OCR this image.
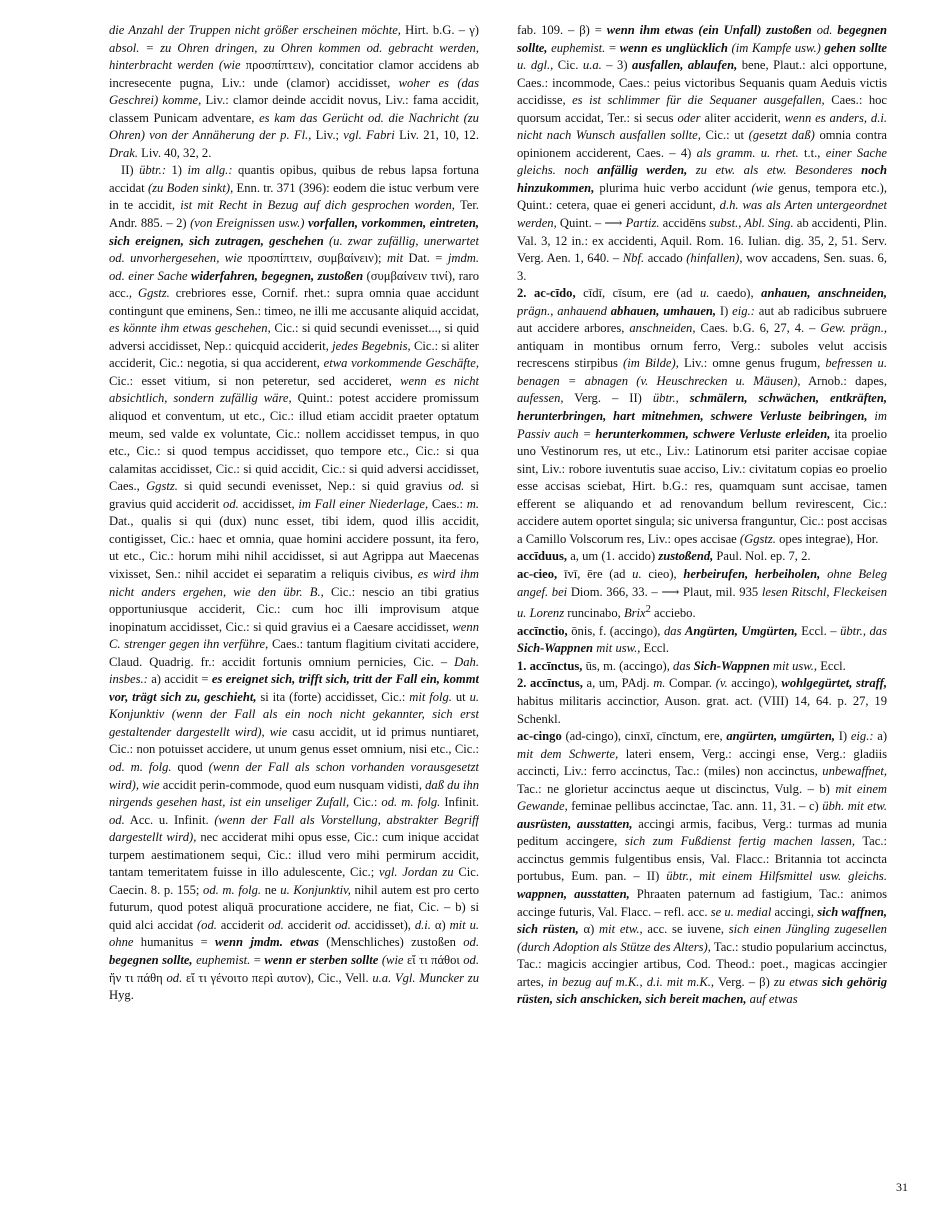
die Anzahl der Truppen nicht größer erscheinen möchte, Hirt. b.G. – γ) absol. = zu Ohren dringen, zu Ohren kommen od. gebracht werden, hinterbracht werden (wie προσπίπτειν), concitatior clamor accidens ab incresecente pugna, Liv.: unde (clamor) accidisset, woher es (das Geschrei) komme, Liv.: clamor deinde accidit novus, Liv.: fama accidit, classem Punicam adventare, es kam das Gerücht od. die Nachricht (zu Ohren) von der Annäherung der p. Fl., Liv.; vgl. Fabri Liv. 21, 10, 12. Drak. Liv. 40, 32, 2.

II) übtr.: 1) im allg.: quantis opibus, quibus de rebus lapsa fortuna accidat (zu Boden sinkt), Enn. tr. 371 (396): eodem die istuc verbum vere in te accidit, ist mit Recht in Bezug auf dich gesprochen worden, Ter. Andr. 885. – 2) (von Ereignissen usw.) vorfallen, vorkommen, eintreten, sich ereignen, sich zutragen, geschehen (u. zwar zufällig, unerwartet od. unvorhergesehen, wie προσπίπτειν, συμβαίνειν); mit Dat. = jmdm. od. einer Sache widerfahren, begegnen, zustoßen (συμβαίνειν τινί), raro acc., Ggstz. crebriores esse, Cornif. rhet.: supra omnia quae accidunt contingunt que eminens, Sen.: timeo, ne illi me accusante aliquid accidat, es könnte ihm etwas geschehen, Cic.: si quid secundi evenisset..., si quid adversi accidisset, Nep.: quicquid acciderit, jedes Begebnis, Cic.: si aliter acciderit, Cic.: negotia, si qua acciderent, etwa vorkommende Geschäfte, Cic.: esset vitium, si non peteretur, sed accideret, wenn es nicht absichtlich, sondern zufällig wäre, Quint.: potest accidere promissum aliquod et conventum, ut etc., Cic.: illud etiam accidit praeter optatum meum, sed valde ex voluntate, Cic.: nollem accidisset tempus, in quo etc., Cic.: si quod tempus accidisset, quo tempore etc., Cic.: si qua calamitas accidisset, Cic.: si quid accidit, Cic.: si quid adversi accidisset, Caes., Ggstz. si quid secundi evenisset, Nep.: si quid gravius od. si gravius quid acciderit od. accidisset, im Fall einer Niederlage, Caes.: m. Dat., qualis si qui (dux) nunc esset, tibi idem, quod illis accidit, contigisset, Cic.: haec et omnia, quae homini accidere possunt, ita fero, ut etc., Cic.: horum mihi nihil accidisset, si aut Agrippa aut Maecenas vixisset, Sen.: nihil accidet ei separatim a reliquis civibus, es wird ihm nicht anders ergehen, wie den übr. B., Cic.: nescio an tibi gratius opportuniusque acciderit, Cic.: cum hoc illi improvisum atque inopinatum accidisset, Cic.: si quid gravius ei a Caesare accidisset, wenn C. strenger gegen ihn verführe, Caes.: tantum flagitium civitati accidere, Claud. Quadrig. fr.: accidit fortunis omnium pernicies, Cic. – Dah. insbes.: a) accidit = es ereignet sich, trifft sich, tritt der Fall ein, kommt vor, trägt sich zu, geschieht, si ita (forte) accidisset, Cic.: mit folg. ut u. Konjunktiv (wenn der Fall als ein noch nicht gekannter, sich erst gestaltender dargestellt wird), wie casu accidit, ut id primus nuntiaret, Cic.: non potuisset accidere, ut unum genus esset omnium, nisi etc., Cic.: od. m. folg. quod (wenn der Fall als schon vorhanden vorausgesetzt wird), wie accidit perin-commode, quod eum nusquam vidisti, daß du ihn nirgends gesehen hast, ist ein unseliger Zufall, Cic.: od. m. folg. Infinit. od. Acc. u. Infinit. (wenn der Fall als Vorstellung, abstrakter Begriff dargestellt wird), nec acciderat mihi opus esse, Cic.: cum inique accidat turpem aestimationem sequi, Cic.: illud vero mihi permirum accidit, tantam temeritatem fuisse in illo adulescente, Cic.; vgl. Jordan zu Cic. Caecin. 8. p. 155; od. m. folg. ne u. Konjunktiv, nihil autem est pro certo futurum, quod potest aliquā procuratione accidere, ne fiat, Cic. – b) si quid alci accidat (od. acciderit od. acciderit od. accidisset), d.i. α) mit u. ohne humanitus = wenn jmdm. etwas (Menschliches) zustoßen od. begegnen sollte, euphemist. = wenn er sterben sollte (wie εἴ τι πάθοι od. ἤν τι πάθη od. εἴ τι γένοιτο περὶ αυτον), Cic., Vell. u.a. Vgl. Muncker zu Hyg.

fab. 109. – β) = wenn ihm etwas (ein Unfall) zustoßen od. begegnen sollte, euphemist. = wenn es unglücklich (im Kampfe usw.) gehen sollte u. dgl., Cic. u.a. – 3) ausfallen, ablaufen, bene, Plaut.: alci opportune, Caes.: incommode, Caes.: peius victoribus Sequanis quam Aeduis victis accidisse, es ist schlimmer für die Sequaner ausgefallen, Caes.: hoc quorsum accidat, Ter.: si secus oder aliter acciderit, wenn es anders, d.i. nicht nach Wunsch ausfallen sollte, Cic.: ut (gesetzt daß) omnia contra opinionem acciderent, Caes. – 4) als gramm. u. rhet. t.t., einer Sache gleichs. noch anfällig werden, zu etw. als etw. Besonderes noch hinzukommen, plurima huic verbo accidunt (wie genus, tempora etc.), Quint.: cetera, quae ei generi accidunt, d.h. was als Arten untergeordnet werden, Quint. – ⟶ Partiz. accidēns subst., Abl. Sing. ab accidenti, Plin. Val. 3, 12 in.: ex accidenti, Aquil. Rom. 16. Iulian. dig. 35, 2, 51. Serv. Verg. Aen. 1, 640. – Nbf. accado (hinfallen), wov accadens, Sen. suas. 6, 3.

2. ac-cīdo, cīdī, cīsum, ere (ad u. caedo), anhauen, anschneiden, prägn., anhauend abhauen, umhauen, I) eig.: aut ab radicibus subruere aut accidere arbores, anschneiden, Caes. b.G. 6, 27, 4. – Gew. prägn., antiquam in montibus ornum ferro, Verg.: suboles velut accisis recrescens stirpibus (im Bilde), Liv.: omne genus frugum, befressen u. benagen = abnagen (v. Heuschrecken u. Mäusen), Arnob.: dapes, aufessen, Verg. – II) übtr., schmälern, schwächen, entkräften, herunterbringen, hart mitnehmen, schwere Verluste beibringen, im Passiv auch = herunterkommen, schwere Verluste erleiden, ita proelio uno Vestinorum res, ut etc., Liv.: Latinorum etsi pariter accisae copiae sint, Liv.: robore iuventutis suae acciso, Liv.: civitatum copias eo proelio esse accisas sciebat, Hirt. b.G.: res, quamquam sunt accisae, tamen efferent se aliquando et ad renovandum bellum revirescent, Cic.: accidere autem oportet singula; sic universa franguntur, Cic.: post accisas a Camillo Volscorum res, Liv.: opes accisae (Ggstz. opes integrae), Hor.

accīduus, a, um (1. accido) zustoßend, Paul. Nol. ep. 7, 2.

ac-cieo, īvī, ēre (ad u. cieo), herbeirufen, herbeiholen, ohne Beleg angef. bei Diom. 366, 33. – ⟶ Plaut, mil. 935 lesen Ritschl, Fleckeisen u. Lorenz runcinabo, Brix$^2$ acciebo.

accīnctio, ōnis, f. (accingo), das Angürten, Umgürten, Eccl. – übtr., das Sich-Wappnen mit usw., Eccl.

1. accīnctus, ūs, m. (accingo), das Sich-Wappnen mit usw., Eccl.

2. accīnctus, a, um, PAdj. m. Compar. (v. accingo), wohlgegürtet, straff, habitus militaris accinctior, Auson. grat. act. (VIII) 14, 64. p. 27, 19 Schenkl.

ac-cingo (ad-cingo), cinxī, cīnctum, ere, angürten, umgürten, I) eig.: a) mit dem Schwerte, lateri ensem, Verg.: accingi ense, Verg.: gladiis accincti, Liv.: ferro accinctus, Tac.: (miles) non accinctus, unbewaffnet, Tac.: ne glorietur accinctus aeque ut discinctus, Vulg. – b) mit einem Gewande, feminae pellibus accinctae, Tac. ann. 11, 31. – c) übh. mit etw. ausrüsten, ausstatten, accingi armis, facibus, Verg.: turmas ad munia peditum accingere, sich zum Fußdienst fertig machen lassen, Tac.: accinctus gemmis fulgentibus ensis, Val. Flacc.: Britannia tot accincta portubus, Eum. pan. – II) übtr., mit einem Hilfsmittel usw. gleichs. wappnen, ausstatten, Phraaten paternum ad fastigium, Tac.: animos accinge futuris, Val. Flacc. – refl. acc. se u. medial accingi, sich waffnen, sich rüsten, α) mit etw., acc. se iuvene, sich einen Jüngling zugesellen (durch Adoption als Stütze des Alters), Tac.: studio popularium accinctus, Tac.: magicis accingier artibus, Cod. Theod.: poet., magicas accingier artes, in bezug auf m.K., d.i. mit m.K., Verg. – β) zu etwas sich gehörig rüsten, sich anschicken, sich bereit machen, auf etwas

31
